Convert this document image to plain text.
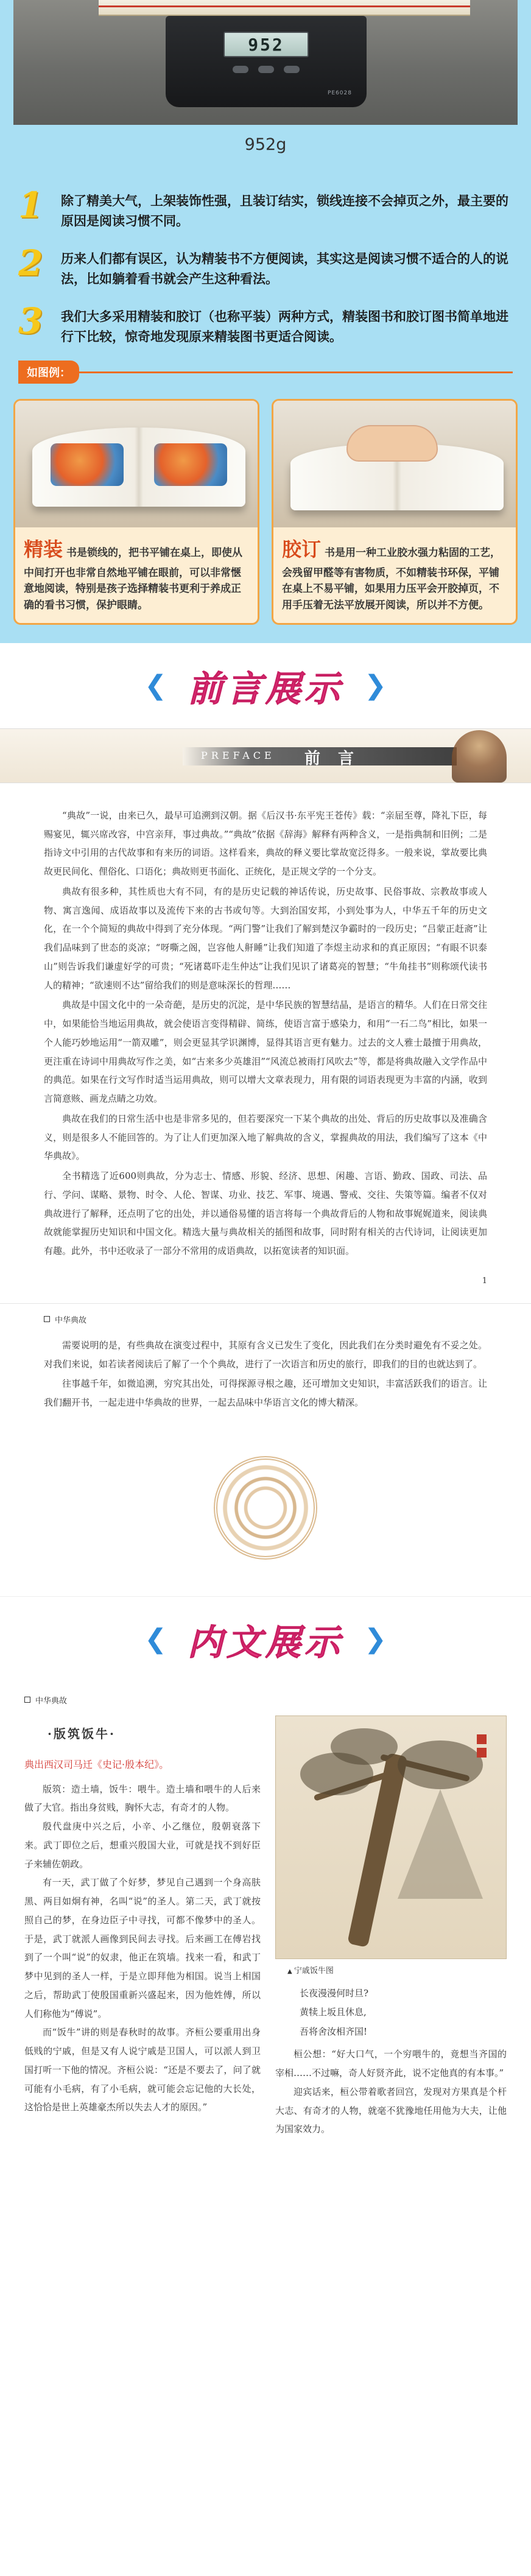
952
PE6028
952g
1	除了精美大气，上架装饰性强，且装订结实，锁线连接不会掉页之外，最主要的原因是阅读习惯不同。
2	历来人们都有误区，认为精装书不方便阅读，其实这是阅读习惯不适合的人的说法，比如躺着看书就会产生这种看法。
3	我们大多采用精装和胶订（也称平装）两种方式，精装图书和胶订图书简单地进行下比较，惊奇地发现原来精装图书更适合阅读。
如图例：
精装 书是锁线的，把书平铺在桌上，即使从中间打开也非常自然地平铺在眼前，可以非常惬意地阅读，特别是孩子选择精装书更利于养成正确的看书习惯，保护眼睛。
胶订 书是用一种工业胶水强力粘固的工艺，会残留甲醛等有害物质，不如精装书环保，平铺在桌上不易平铺，如果用力压平会开胶掉页，不用手压着无法平放展开阅读，所以并不方便。
❮ 前言展示 ❯
PREFACE 前 言

“典故”一说，由来已久，最早可追溯到汉朝。据《后汉书·东平宪王苍传》载：“亲屈至尊，降礼下臣，每赐宴见，辄兴席改容，中宫亲拜，事过典故。”“典故”依据《辞海》解释有两种含义，一是指典制和旧例；二是指诗文中引用的古代故事和有来历的词语。这样看来，典故的释义要比掌故宽泛得多。一般来说，掌故要比典故更民间化、俚俗化、口语化；典故则更书面化、正统化，是正规文学的一个分支。

典故有很多种，其性质也大有不同，有的是历史记载的神话传说，历史故事、民俗事故、宗教故事或人物、寓言逸闻、成语故事以及流传下来的古书或句等。大到治国安邦，小到处事为人，中华五千年的历史文化，在一个个简短的典故中得到了充分体现。“两门警”让我们了解到楚汉争霸时的一段历史；“吕蒙正赶斋”让我们品味到了世态的炎凉；“呀嘶之阁，岂容他人鼾睡”让我们知道了李煜主动求和的真正原因；“有眼不识泰山”则告诉我们谦虚好学的可贵；“死诸葛吓走生仲达”让我们见识了诸葛亮的智慧；“牛角挂书”则称颂代读书人的精神；“欲速则不达”留给我们的则是意味深长的哲理……

典故是中国文化中的一朵奇葩，是历史的沉淀，是中华民族的智慧结晶，是语言的精华。人们在日常交往中，如果能恰当地运用典故，就会使语言变得精辟、简练，使语言富于感染力，和用“一石二鸟”相比，如果一个人能巧妙地运用“一箭双雕”，则会更显其学识渊博，显得其语言更有魅力。过去的文人雅士最擅于用典故，更注重在诗词中用典故写作之美，如“古来多少英雄泪”“风流总被雨打风吹去”等，都是将典故融入文学作品中的典范。如果在行文写作时适当运用典故，则可以增大文章表现力，用有限的词语表现更为丰富的内涵，收到言简意赅、画龙点睛之功效。

典故在我们的日常生活中也是非常多见的，但若要深究一下某个典故的出处、背后的历史故事以及准确含义，则是很多人不能回答的。为了让人们更加深入地了解典故的含义，掌握典故的用法，我们编写了这本《中华典故》。

全书精选了近600则典故，分为志士、情感、形貌、经济、思想、闲趣、言语、勤政、国政、司法、品行、学问、谋略、景物、时令、人伦、智谋、功业、技艺、军事、境遇、警戒、交往、失策等篇。编者不仅对典故进行了解释，还点明了它的出处，并以通俗易懂的语言将每一个典故背后的人物和故事娓娓道来，阅读典故就能掌握历史知识和中国文化。精选大量与典故相关的插图和故事，同时附有相关的古代诗词，让阅读更加有趣。此外，书中还收录了一部分不常用的成语典故，以拓宽读者的知识面。

1
中华典故

需要说明的是，有些典故在演变过程中，其原有含义已发生了变化，因此我们在分类时避免有不妥之处。对我们来说，如若读者阅读后了解了一个个典故，进行了一次语言和历史的旅行，即我们的目的也就达到了。

往事越千年，如微追溯，穷究其出处，可得探源寻根之趣，还可增加文史知识，丰富活跃我们的语言。让我们翻开书，一起走进中华典故的世界，一起去品味中华语言文化的博大精深。

❮ 内文展示 ❯
中华典故
·版筑饭牛·
典出西汉司马迁《史记·殷本纪》。

版筑：造土墙，饭牛：喂牛。造土墙和喂牛的人后来做了大官。指出身贫贱，胸怀大志，有奇才的人物。

殷代盘庚中兴之后，小辛、小乙继位，殷朝衰落下来。武丁即位之后，想重兴殷国大业，可就是找不到好臣子来辅佐朝政。

有一天，武丁做了个好梦，梦见自己遇到一个身高肤黑、两目如炯有神，名叫“说”的圣人。第二天，武丁就按照自己的梦，在身边臣子中寻找，可都不像梦中的圣人。于是，武丁就派人画像到民间去寻找。后来画工在傅岩找到了一个叫“说”的奴隶，他正在筑墙。找来一看，和武丁梦中见到的圣人一样，于是立即拜他为相国。说当上相国之后，帮助武丁使殷国重新兴盛起来，因为他姓傅，所以人们称他为“傅说”。

而“饭牛”讲的则是春秋时的故事。齐桓公要重用出身低贱的宁戚，但是又有人说宁戚是卫国人，可以派人到卫国打听一下他的情况。齐桓公说：“还是不要去了，问了就可能有小毛病，有了小毛病，就可能会忘记他的大长处，这恰恰是世上英雄豪杰所以失去人才的原因。”

▲ 宁戚饭牛图
长夜漫漫何时旦?
黄犊上坂且休息,
吾将舍汝相齐国!

桓公想：“好大口气，一个穷喂牛的，竟想当齐国的宰相……不过嘛，奇人好贤齐此，说不定他真的有本事。”

迎宾话来，桓公带着歌者回宫，发现对方果真是个杆大志、有奇才的人物，就毫不犹豫地任用他为大夫，让他为国家效力。
